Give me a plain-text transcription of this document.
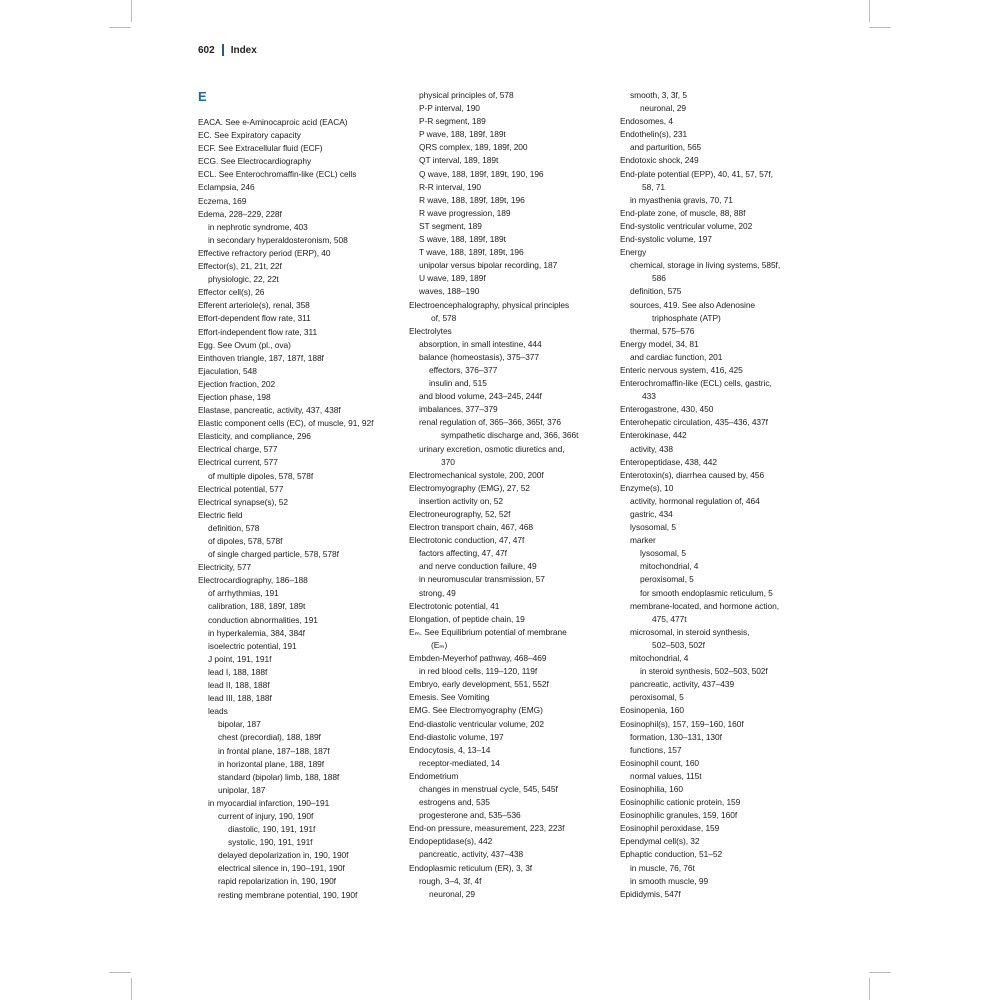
602 Index
E
EACA. See e-Aminocaproic acid (EACA)
EC. See Expiratory capacity
ECF. See Extracellular fluid (ECF)
ECG. See Electrocardiography
ECL. See Enterochromaffin-like (ECL) cells
Eclampsia, 246
Eczema, 169
Edema, 228–229, 228f
in nephrotic syndrome, 403
in secondary hyperaldosteronism, 508
Effective refractory period (ERP), 40
Effector(s), 21, 21t, 22f
physiologic, 22, 22t
Effector cell(s), 26
Efferent arteriole(s), renal, 358
Effort-dependent flow rate, 311
Effort-independent flow rate, 311
Egg. See Ovum (pl., ova)
Einthoven triangle, 187, 187f, 188f
Ejaculation, 548
Ejection fraction, 202
Ejection phase, 198
Elastase, pancreatic, activity, 437, 438f
Elastic component cells (EC), of muscle, 91, 92f
Elasticity, and compliance, 296
Electrical charge, 577
Electrical current, 577
of multiple dipoles, 578, 578f
Electrical potential, 577
Electrical synapse(s), 52
Electric field
definition, 578
of dipoles, 578, 578f
of single charged particle, 578, 578f
Electricity, 577
Electrocardiography, 186–188
of arrhythmias, 191
calibration, 188, 189f, 189t
conduction abnormalities, 191
in hyperkalemia, 384, 384f
isoelectric potential, 191
J point, 191, 191f
lead I, 188, 188f
lead II, 188, 188f
lead III, 188, 188f
leads
bipolar, 187
chest (precordial), 188, 189f
in frontal plane, 187–188, 187f
in horizontal plane, 188, 189f
standard (bipolar) limb, 188, 188f
unipolar, 187
in myocardial infarction, 190–191
current of injury, 190, 190f
diastolic, 190, 191, 191f
systolic, 190, 191, 191f
delayed depolarization in, 190, 190f
electrical silence in, 190–191, 190f
rapid repolarization in, 190, 190f
resting membrane potential, 190, 190f
physical principles of, 578
P-P interval, 190
P-R segment, 189
P wave, 188, 189f, 189t
QRS complex, 189, 189f, 200
QT interval, 189, 189t
Q wave, 188, 189f, 189t, 190, 196
R-R interval, 190
R wave, 188, 189f, 189t, 196
R wave progression, 189
ST segment, 189
S wave, 188, 189f, 189t
T wave, 188, 189f, 189t, 196
unipolar versus bipolar recording, 187
U wave, 189, 189f
waves, 188–190
Electroencephalography, physical principles
of, 578
Electrolytes
absorption, in small intestine, 444
balance (homeostasis), 375–377
effectors, 376–377
insulin and, 515
and blood volume, 243–245, 244f
imbalances, 377–379
renal regulation of, 365–366, 365f, 376
sympathetic discharge and, 366, 366t
urinary excretion, osmotic diuretics and,
370
Electromechanical systole, 200, 200f
Electromyography (EMG), 27, 52
insertion activity on, 52
Electroneurography, 52, 52f
Electron transport chain, 467, 468
Electrotonic conduction, 47, 47f
factors affecting, 47, 47f
and nerve conduction failure, 49
in neuromuscular transmission, 57
strong, 49
Electrotonic potential, 41
Elongation, of peptide chain, 19
Eₘ. See Equilibrium potential of membrane
(Eₘ)
Embden-Meyerhof pathway, 468–469
in red blood cells, 119–120, 119f
Embryo, early development, 551, 552f
Emesis. See Vomiting
EMG. See Electromyography (EMG)
End-diastolic ventricular volume, 202
End-diastolic volume, 197
Endocytosis, 4, 13–14
receptor-mediated, 14
Endometrium
changes in menstrual cycle, 545, 545f
estrogens and, 535
progesterone and, 535–536
End-on pressure, measurement, 223, 223f
Endopeptidase(s), 442
pancreatic, activity, 437–438
Endoplasmic reticulum (ER), 3, 3f
rough, 3–4, 3f, 4f
neuronal, 29
smooth, 3, 3f, 5
neuronal, 29
Endosomes, 4
Endothelin(s), 231
and parturition, 565
Endotoxic shock, 249
End-plate potential (EPP), 40, 41, 57, 57f,
58, 71
in myasthenia gravis, 70, 71
End-plate zone, of muscle, 88, 88f
End-systolic ventricular volume, 202
End-systolic volume, 197
Energy
chemical, storage in living systems, 585f,
586
definition, 575
sources, 419. See also Adenosine
triphosphate (ATP)
thermal, 575–576
Energy model, 34, 81
and cardiac function, 201
Enteric nervous system, 416, 425
Enterochromaffin-like (ECL) cells, gastric,
433
Enterogastrone, 430, 450
Enterohepatic circulation, 435–436, 437f
Enterokinase, 442
activity, 438
Enteropeptidase, 438, 442
Enterotoxin(s), diarrhea caused by, 456
Enzyme(s), 10
activity, hormonal regulation of, 464
gastric, 434
lysosomal, 5
marker
lysosomal, 5
mitochondrial, 4
peroxisomal, 5
for smooth endoplasmic reticulum, 5
membrane-located, and hormone action,
475, 477t
microsomal, in steroid synthesis,
502–503, 502f
mitochondrial, 4
in steroid synthesis, 502–503, 502f
pancreatic, activity, 437–439
peroxisomal, 5
Eosinopenia, 160
Eosinophil(s), 157, 159–160, 160f
formation, 130–131, 130f
functions, 157
Eosinophil count, 160
normal values, 115t
Eosinophilia, 160
Eosinophilic cationic protein, 159
Eosinophilic granules, 159, 160f
Eosinophil peroxidase, 159
Ependymal cell(s), 32
Ephaptic conduction, 51–52
in muscle, 76, 76t
in smooth muscle, 99
Epididymis, 547f
